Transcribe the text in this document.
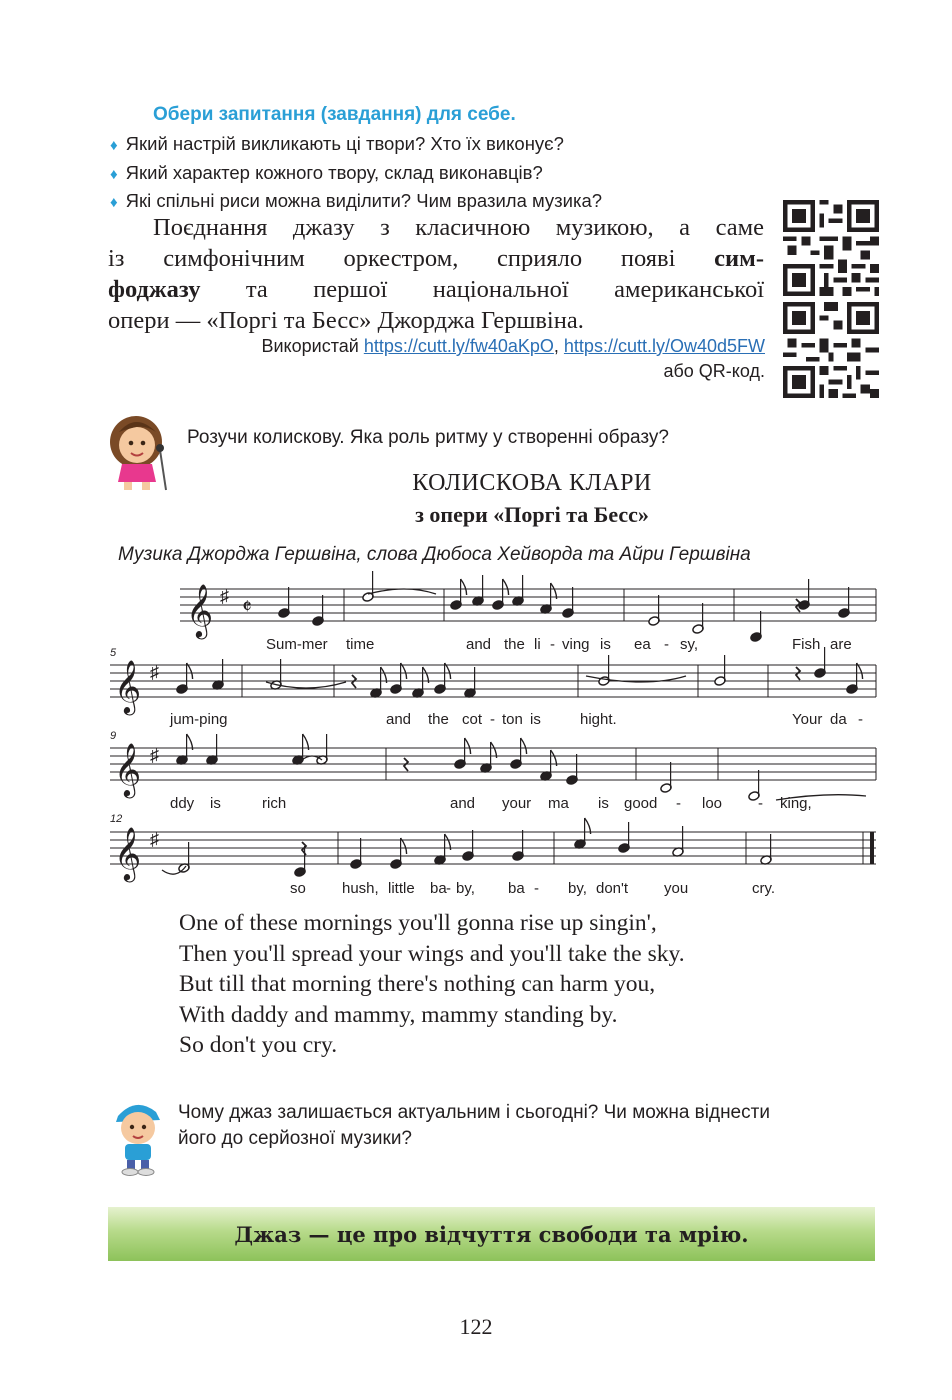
Обери запитання (завдання) для себе.
♦ Який настрій викликають ці твори? Хто їх виконує?
♦ Який характер кожного твору, склад виконавців?
♦ Які спільні риси можна виділити? Чим вразила музика?
Поєднання джазу з класичною музикою, а саме
із симфонічним оркестром, сприяло появі сим-
фоджазу та першої національної американської
опери — «Поргі та Бесс» Джорджа Гершвіна.
Використай https://cutt.ly/fw40aKpO, https://cutt.ly/Ow40d5FW
або QR-код.
Розучи колискову. Яка роль ритму у створенні образу?
КОЛИСКОВА КЛАРИ
з опери «Поргі та Бесс»
Музика Джорджа Гершвіна, слова Дюбоса Хейворда та Айри Гершвіна
𝄞 ♯ 𝄵
𝄞 ♯
𝄞 ♯
𝄞 ♯
5
9
12
Sum-mer time	and the li - ving is ea - sy,	Fish are
jum-ping	and the cot - ton is	hight.	Your da -
ddy is	rich	and your ma is good - loo - king,
so hush, little ba - by, ba - by, don't you	cry.
One of these mornings you'll gonna rise up singin',
Then you'll spread your wings and you'll take the sky.
But till that morning there's nothing can harm you,
With daddy and mammy, mammy standing by.
So don't you cry.
Чому джаз залишається актуальним і сьогодні? Чи можна віднести
його до серйозної музики?
Джаз — це про відчуття свободи та мрію.
122
